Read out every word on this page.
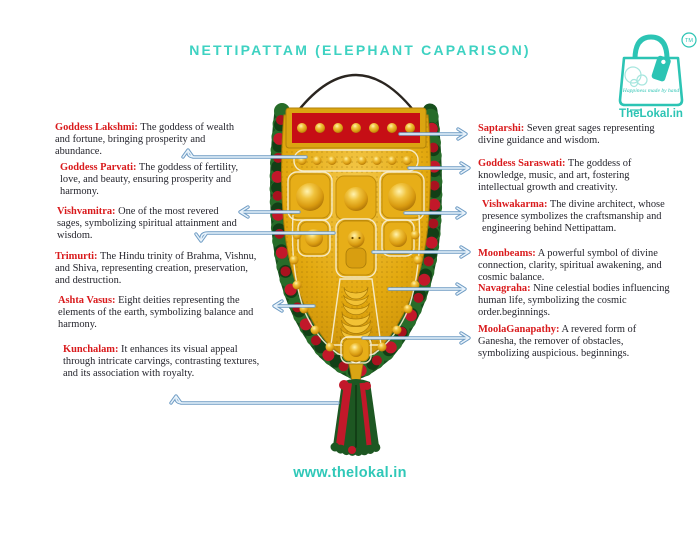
NETTIPATTAM (ELEPHANT CAPARISON)
Happiness made by hand
TM
TheLokal.in
Goddess Lakshmi: The goddess of wealth and fortune, bringing prosperity and abundance.
Goddess Parvati: The goddess of fertility, love, and beauty, ensuring prosperity and harmony.
Vishvamitra: One of the most revered sages, symbolizing spiritual attainment and wisdom.
Trimurti: The Hindu trinity of Brahma, Vishnu, and Shiva, representing creation, preservation, and destruction.
Ashta Vasus: Eight deities representing the elements of the earth, symbolizing balance and harmony.
Kunchalam: It enhances its visual appeal through intricate carvings, contrasting textures, and its association with royalty.
Saptarshi: Seven great sages representing divine guidance and wisdom.
Goddess Saraswati: The goddess of knowledge, music, and art, fostering intellectual growth and creativity.
Vishwakarma: The divine architect, whose presence symbolizes the craftsmanship and engineering behind Nettipattam.
Moonbeams: A powerful symbol of divine connection, clarity, spiritual awakening, and cosmic balance.
Navagraha: Nine celestial bodies influencing human life, symbolizing the cosmic order.beginnings.
MoolaGanapathy: A revered form of Ganesha, the remover of obstacles, symbolizing auspicious. beginnings.
www.thelokal.in
